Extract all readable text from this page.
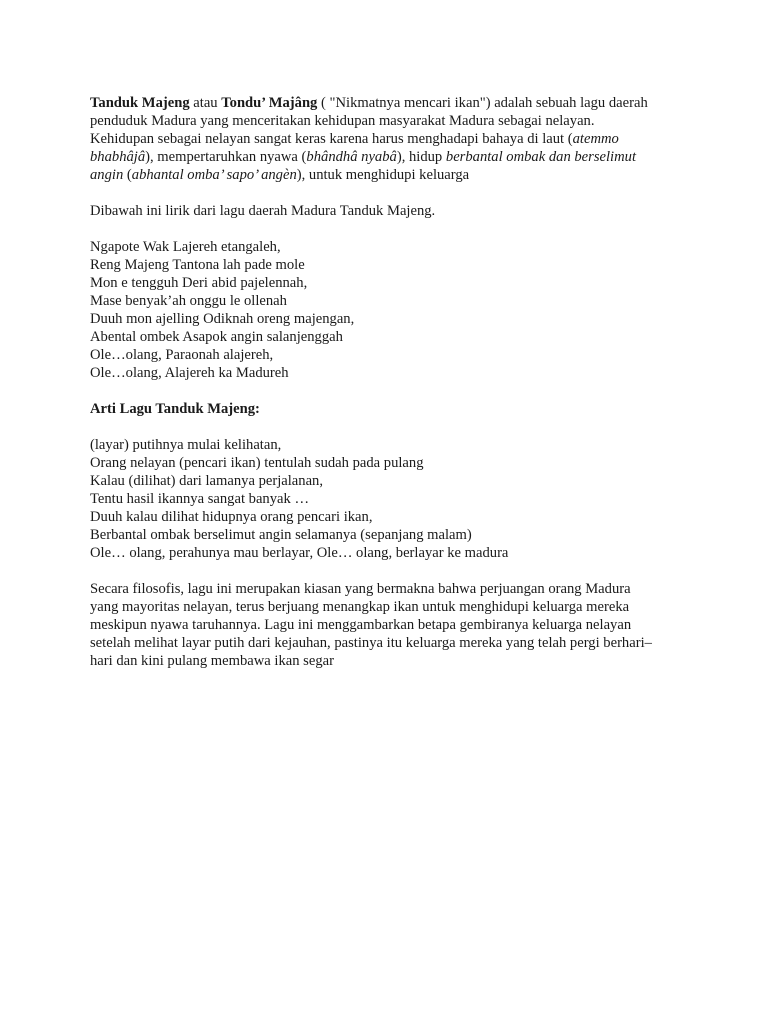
Tanduk Majeng atau Tondu’ Majâng ( "Nikmatnya mencari ikan") adalah sebuah lagu daerah
penduduk Madura yang menceritakan kehidupan masyarakat Madura sebagai nelayan.
Kehidupan sebagai nelayan sangat keras karena harus menghadapi bahaya di laut (atemmo
bhabhâjâ), mempertaruhkan nyawa (bhândhâ nyabâ), hidup berbantal ombak dan berselimut
angin (abhantal omba’ sapo’ angèn), untuk menghidupi keluarga
Dibawah ini lirik dari lagu daerah Madura Tanduk Majeng.
Ngapote Wak Lajereh etangaleh,
Reng Majeng Tantona lah pade mole
Mon e tengguh Deri abid pajelennah,
Mase benyak’ah onggu le ollenah
Duuh mon ajelling Odiknah oreng majengan,
Abental ombek Asapok angin salanjenggah
Ole…olang, Paraonah alajereh,
Ole…olang, Alajereh ka Madureh
Arti Lagu Tanduk Majeng:
(layar) putihnya mulai kelihatan,
Orang nelayan (pencari ikan) tentulah sudah pada pulang
Kalau (dilihat) dari lamanya perjalanan,
Tentu hasil ikannya sangat banyak …
Duuh kalau dilihat hidupnya orang pencari ikan,
Berbantal ombak berselimut angin selamanya (sepanjang malam)
Ole… olang, perahunya mau berlayar, Ole… olang, berlayar ke madura
Secara filosofis, lagu ini merupakan kiasan yang bermakna bahwa perjuangan orang Madura
yang mayoritas nelayan, terus berjuang menangkap ikan untuk menghidupi keluarga mereka
meskipun nyawa taruhannya. Lagu ini menggambarkan betapa gembiranya keluarga nelayan
setelah melihat layar putih dari kejauhan, pastinya itu keluarga mereka yang telah pergi berhari–
hari dan kini pulang membawa ikan segar
